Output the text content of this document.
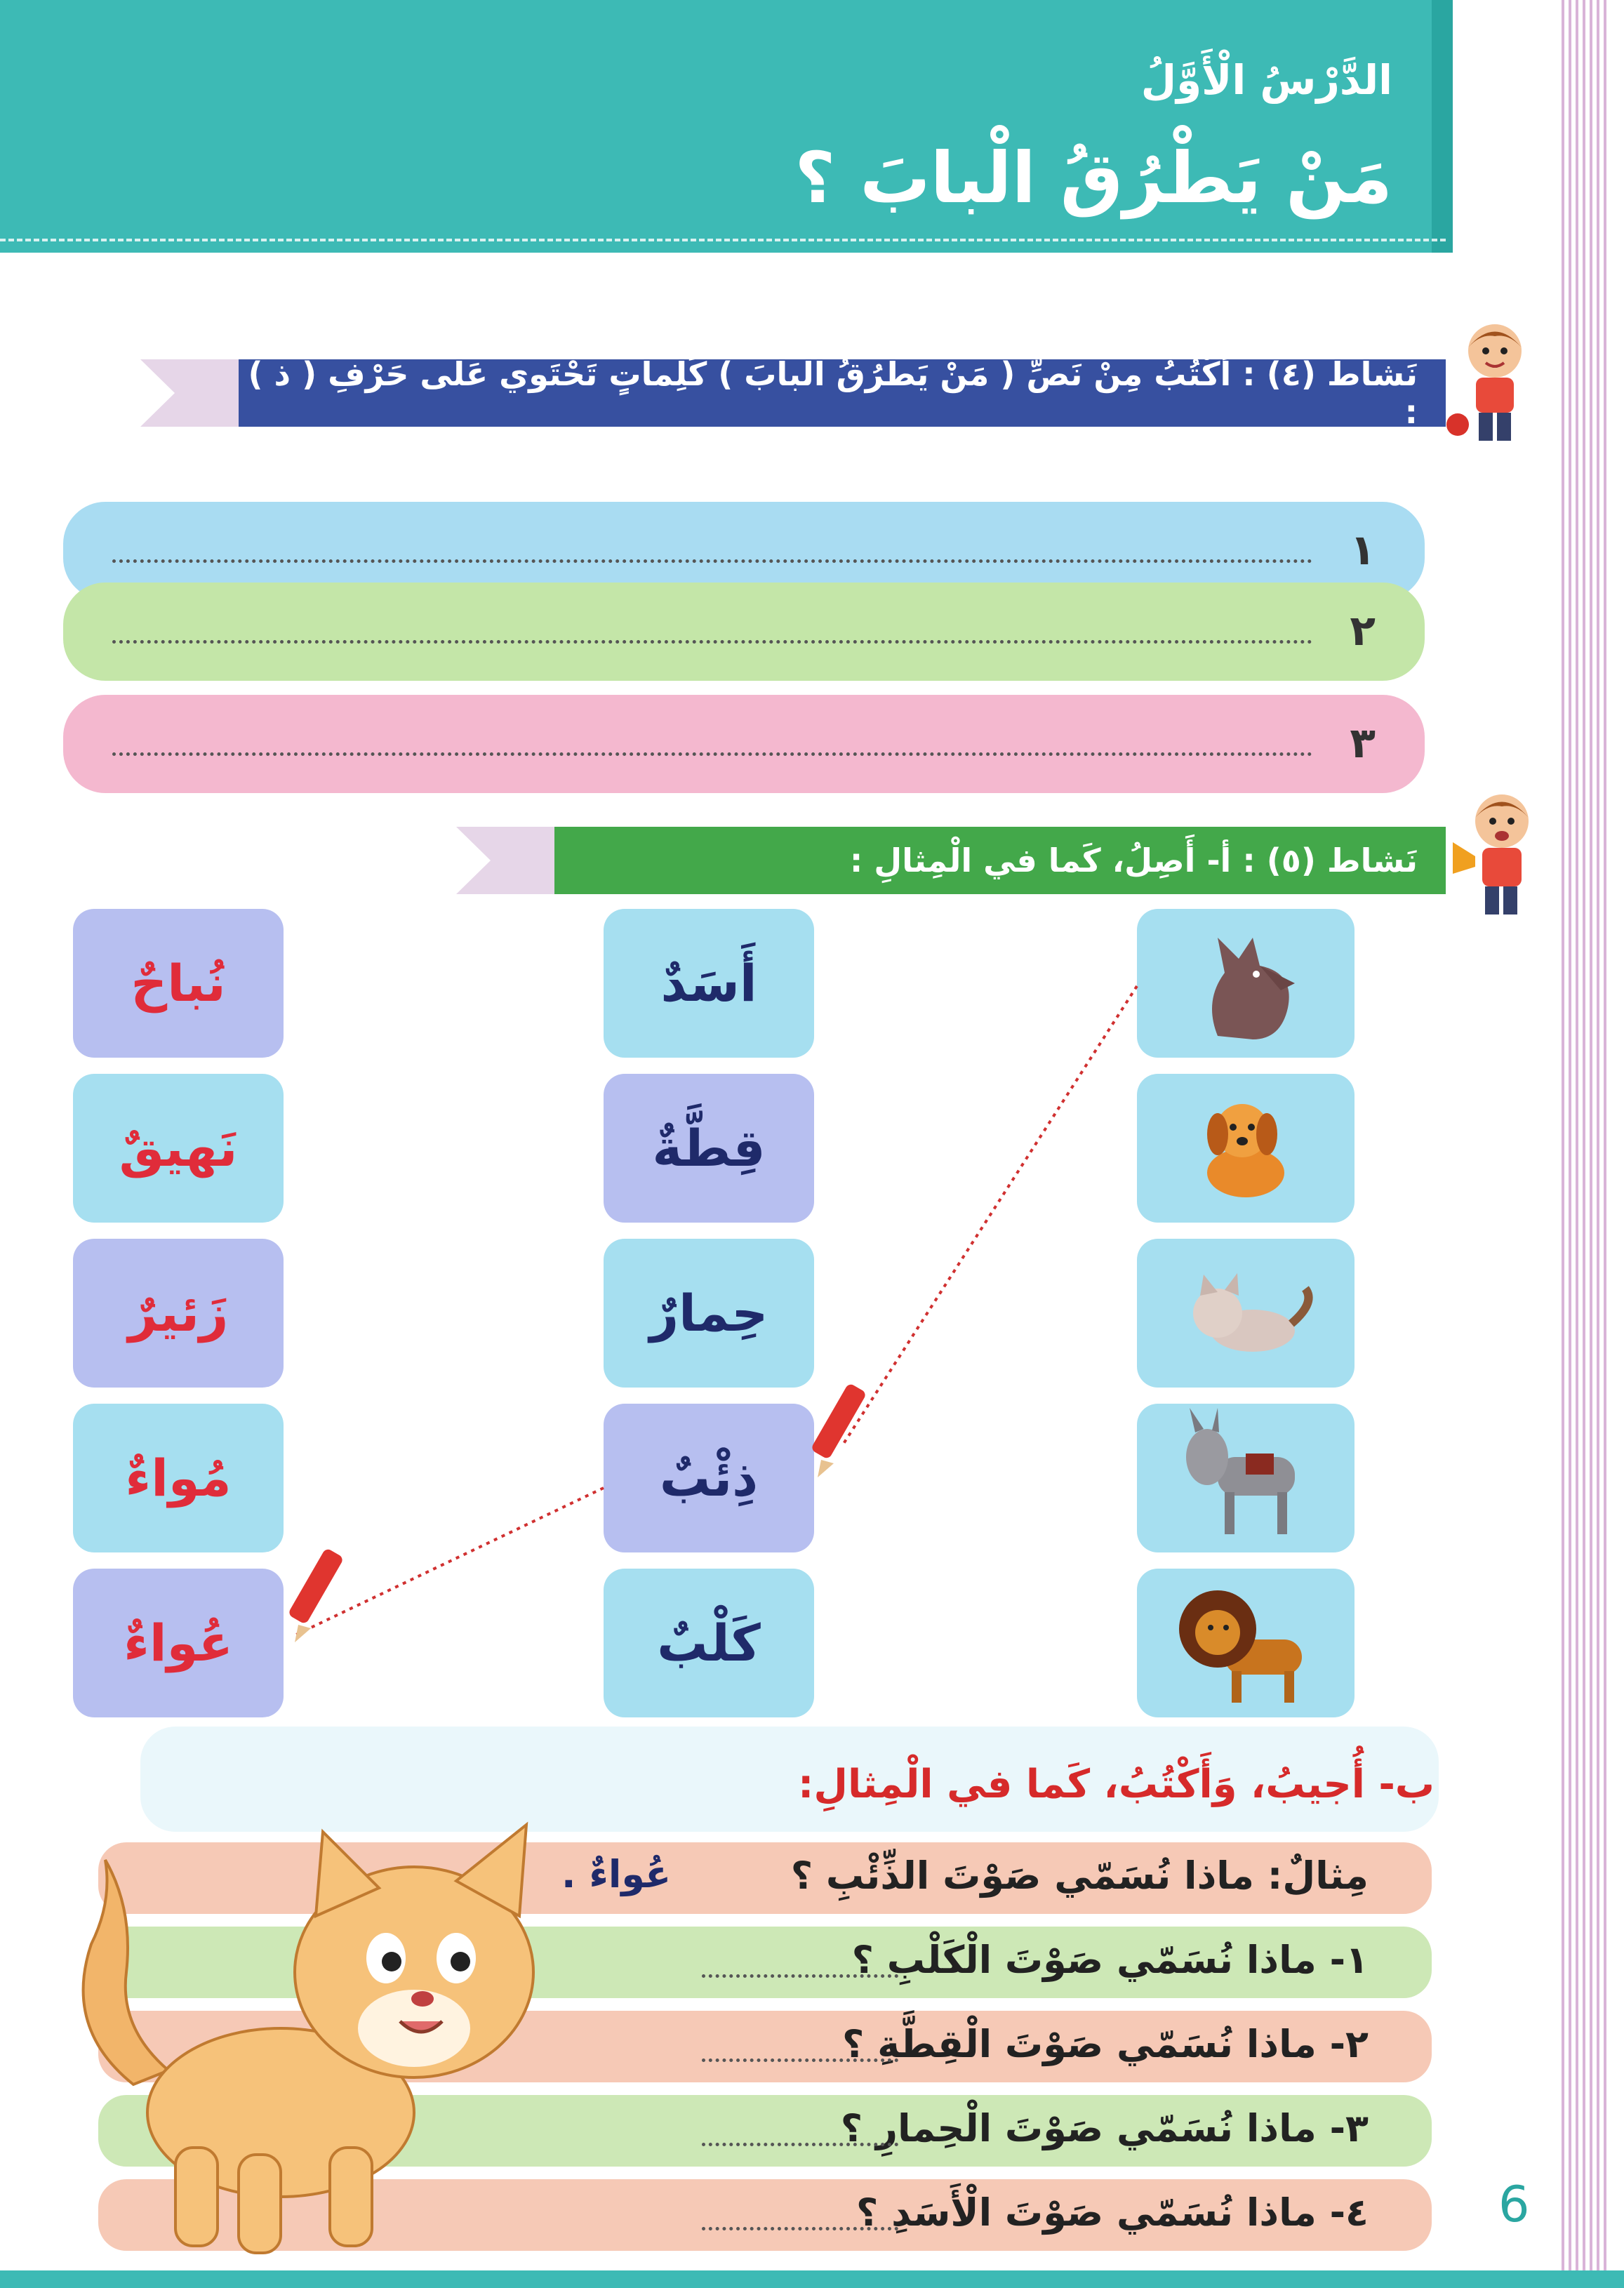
الدَّرْسُ الْأَوَّلُ
مَنْ يَطْرُقُ الْبابَ ؟
نَشاط (٤) : أَكْتُبُ مِنْ نَصِّ ( مَنْ يَطْرُقُ الْبابَ ) كَلِماتٍ تَحْتَوي عَلى حَرْفِ ( ذ ) :
١
٢
٣
نَشاط (٥) : أ- أَصِلُ، كَما في الْمِثالِ :
نُباحٌ
نَهيقٌ
زَئيرٌ
مُواءٌ
عُواءٌ
أَسَدٌ
قِطَّةٌ
حِمارٌ
ذِئْبٌ
كَلْبٌ
ب- أُجيبُ، وَأَكْتُبُ، كَما في الْمِثالِ:
مِثالٌ: ماذا نُسَمّي صَوْتَ الذِّئْبِ ؟
عُواءٌ .
١- ماذا نُسَمّي صَوْتَ الْكَلْبِ ؟
٢- ماذا نُسَمّي صَوْتَ الْقِطَّةِ ؟
٣- ماذا نُسَمّي صَوْتَ الْحِمارِ ؟
٤- ماذا نُسَمّي صَوْتَ الْأَسَدِ ؟	6
